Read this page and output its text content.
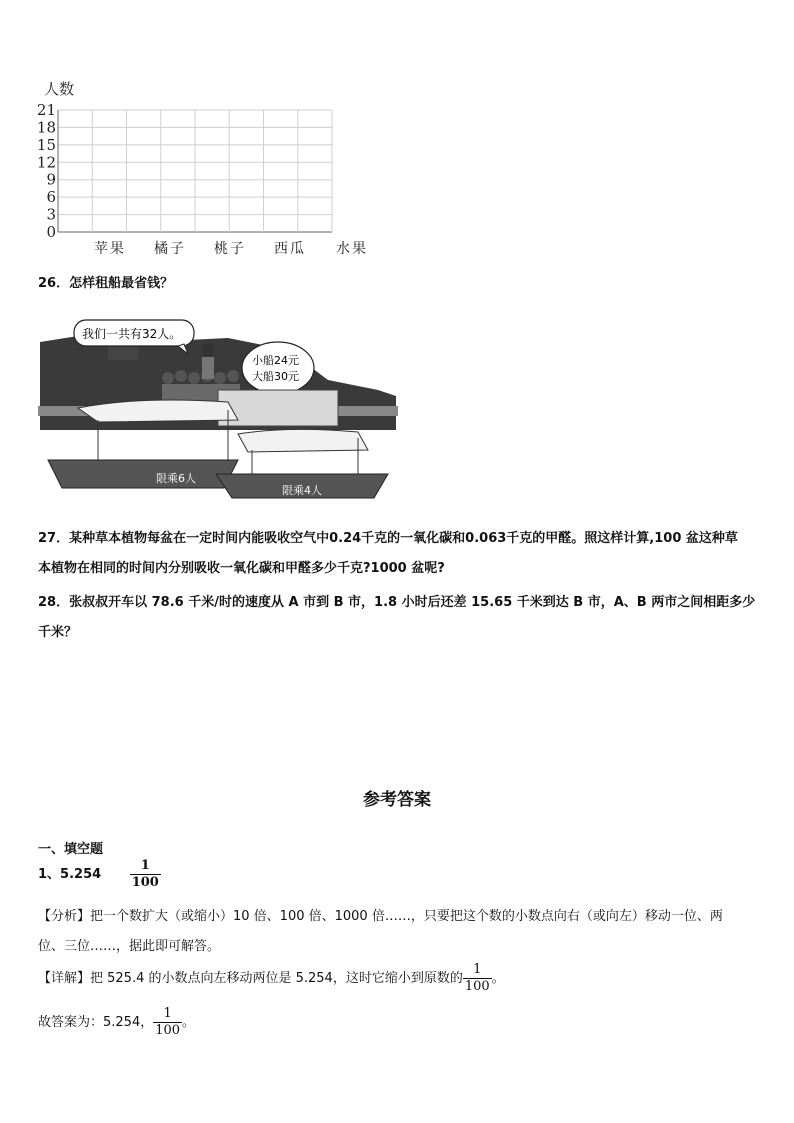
人数
0
3
6
9
12
15
18
21
苹果 橘子 桃子 西瓜 水果
26．怎样租船最省钱？
我们一共有32人。
小船24元
大船30元
限乘6人
限乘4人
27．某种草本植物每盆在一定时间内能吸收空气中0.24千克的一氧化碳和0.063千克的甲醛。照这样计算,100 盆这种草
本植物在相同的时间内分别吸收一氧化碳和甲醛多少千克?1000 盆呢?
28．张叔叔开车以 78.6 千米/时的速度从 A 市到 B 市，1.8 小时后还差 15.65 千米到达 B 市，A、B 两市之间相距多少
千米？
参考答案
一、填空题
1、$5.254 \frac{1}{100}$
【分析】把一个数扩大（或缩小）10 倍、100 倍、1000 倍……，只要把这个数的小数点向右（或向左）移动一位、两
位、三位……，据此即可解答。
【详解】把 525.4 的小数点向左移动两位是 5.254，这时它缩小到原数的 $\frac{1}{100}$ 。
故答案为：5.254， $\frac{1}{100}$ 。
